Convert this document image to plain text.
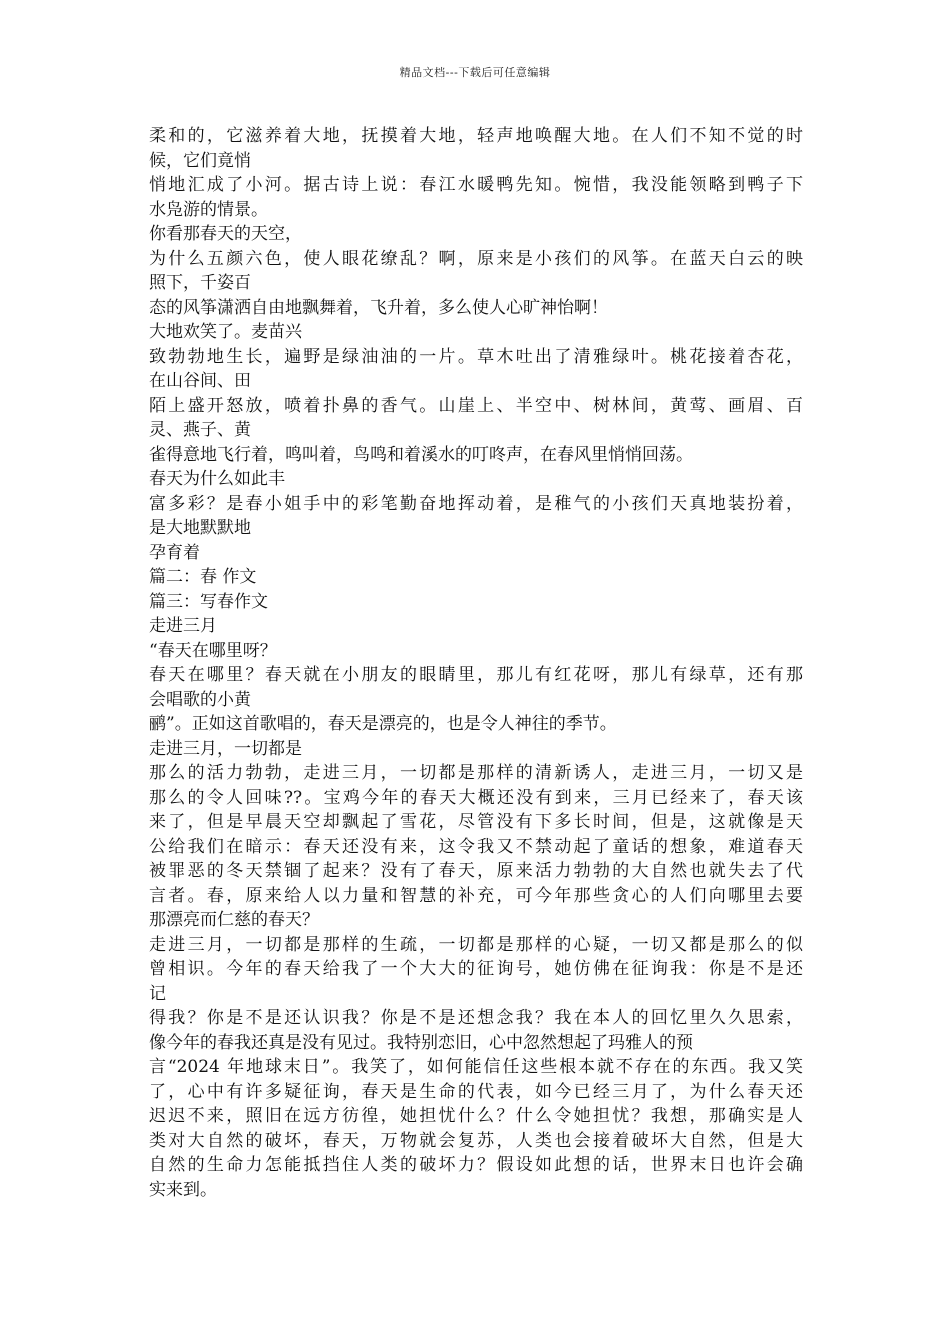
精品文档---下载后可任意编辑
柔和的，它滋养着大地，抚摸着大地，轻声地唤醒大地。在人们不知不觉的时
候，它们竟悄
悄地汇成了小河。据古诗上说：春江水暖鸭先知。惋惜，我没能领略到鸭子下
水凫游的情景。
你看那春天的天空，
为什么五颜六色，使人眼花缭乱？啊，原来是小孩们的风筝。在蓝天白云的映
照下，千姿百
态的风筝潇洒自由地飘舞着，飞升着，多么使人心旷神怡啊！
大地欢笑了。麦苗兴
致勃勃地生长，遍野是绿油油的一片。草木吐出了清雅绿叶。桃花接着杏花，
在山谷间、田
陌上盛开怒放，喷着扑鼻的香气。山崖上、半空中、树林间，黄莺、画眉、百
灵、燕子、黄
雀得意地飞行着，鸣叫着，鸟鸣和着溪水的叮咚声，在春风里悄悄回荡。
春天为什么如此丰
富多彩？是春小姐手中的彩笔勤奋地挥动着，是稚气的小孩们天真地装扮着，
是大地默默地
孕育着
篇二：春 作文
篇三：写春作文
走进三月
“春天在哪里呀？
春天在哪里？春天就在小朋友的眼睛里，那儿有红花呀，那儿有绿草，还有那
会唱歌的小黄
鹂”。正如这首歌唱的，春天是漂亮的，也是令人神往的季节。
走进三月，一切都是
那么的活力勃勃，走进三月，一切都是那样的清新诱人，走进三月，一切又是
那么的令人回味??。宝鸡今年的春天大概还没有到来，三月已经来了，春天该
来了，但是早晨天空却飘起了雪花，尽管没有下多长时间，但是，这就像是天
公给我们在暗示：春天还没有来，这令我又不禁动起了童话的想象，难道春天
被罪恶的冬天禁锢了起来？没有了春天，原来活力勃勃的大自然也就失去了代
言者。春，原来给人以力量和智慧的补充，可今年那些贪心的人们向哪里去要
那漂亮而仁慈的春天？
走进三月，一切都是那样的生疏，一切都是那样的心疑，一切又都是那么的似
曾相识。今年的春天给我了一个大大的征询号，她仿佛在征询我：你是不是还
记
得我？你是不是还认识我？你是不是还想念我？我在本人的回忆里久久思索，
像今年的春我还真是没有见过。我特别恋旧，心中忽然想起了玛雅人的预
言“2024 年地球末日”。我笑了，如何能信任这些根本就不存在的东西。我又笑
了，心中有许多疑征询，春天是生命的代表，如今已经三月了，为什么春天还
迟迟不来，照旧在远方彷徨，她担忧什么？什么令她担忧？我想，那确实是人
类对大自然的破坏，春天，万物就会复苏，人类也会接着破坏大自然，但是大
自然的生命力怎能抵挡住人类的破坏力？假设如此想的话，世界末日也许会确
实来到。
